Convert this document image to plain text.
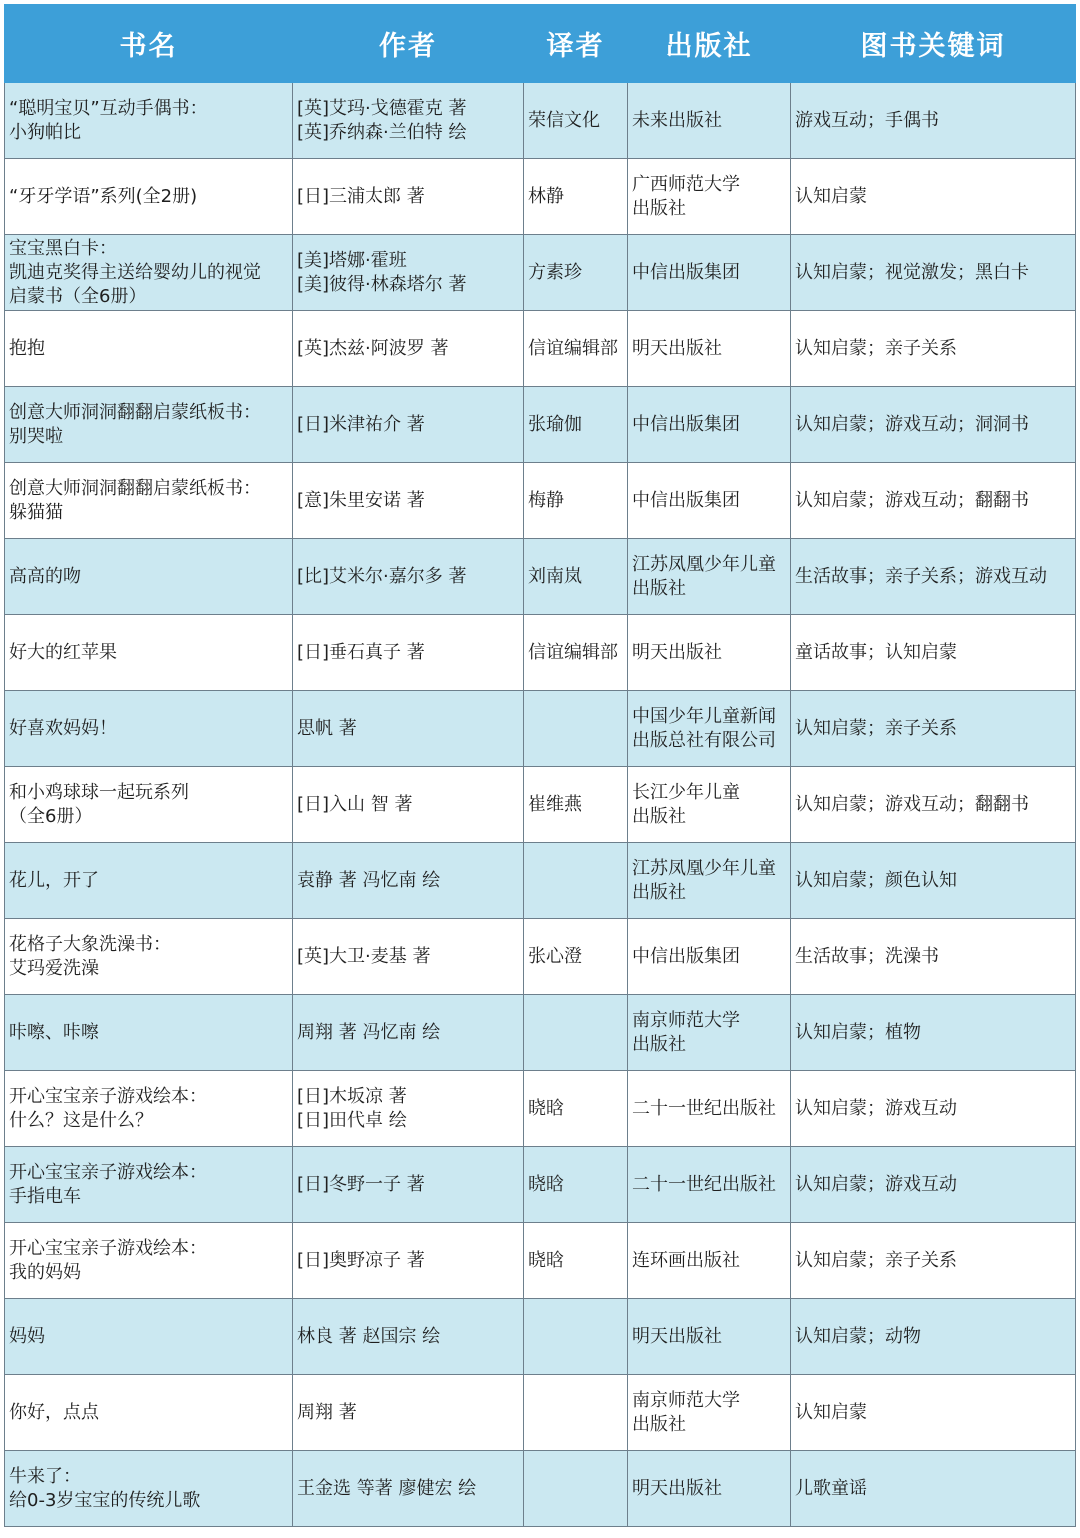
书名	作者	译者	出版社	图书关键词

“聪明宝贝”互动手偶书：
小狗帕比	[英]艾玛·戈德霍克 著
[英]乔纳森·兰伯特 绘	荣信文化	未来出版社	游戏互动；手偶书

“牙牙学语”系列(全2册)	[日]三浦太郎 著	林静	广西师范大学
出版社	认知启蒙

宝宝黑白卡：
凯迪克奖得主送给婴幼儿的视觉
启蒙书（全6册）	[美]塔娜·霍班
[美]彼得·林森塔尔 著	方素珍	中信出版集团	认知启蒙；视觉激发；黑白卡

抱抱	[英]杰兹·阿波罗 著	信谊编辑部	明天出版社	认知启蒙；亲子关系

创意大师洞洞翻翻启蒙纸板书：
别哭啦	[日]米津祐介 著	张瑜伽	中信出版集团	认知启蒙；游戏互动；洞洞书

创意大师洞洞翻翻启蒙纸板书：
躲猫猫	[意]朱里安诺 著	梅静	中信出版集团	认知启蒙；游戏互动；翻翻书

高高的吻	[比]艾米尔·嘉尔多 著	刘南岚	江苏凤凰少年儿童
出版社	生活故事；亲子关系；游戏互动

好大的红苹果	[日]垂石真子 著	信谊编辑部	明天出版社	童话故事；认知启蒙

好喜欢妈妈！	思帆 著		中国少年儿童新闻
出版总社有限公司	认知启蒙；亲子关系

和小鸡球球一起玩系列
（全6册）	[日]入山 智 著	崔维燕	长江少年儿童
出版社	认知启蒙；游戏互动；翻翻书

花儿，开了	袁静 著 冯忆南 绘		江苏凤凰少年儿童
出版社	认知启蒙；颜色认知

花格子大象洗澡书：
艾玛爱洗澡	[英]大卫·麦基 著	张心澄	中信出版集团	生活故事；洗澡书

咔嚓、咔嚓	周翔 著 冯忆南 绘		南京师范大学
出版社	认知启蒙；植物

开心宝宝亲子游戏绘本：
什么？这是什么？	[日]木坂凉 著
[日]田代卓 绘	晓晗	二十一世纪出版社	认知启蒙；游戏互动

开心宝宝亲子游戏绘本：
手指电车	[日]冬野一子 著	晓晗	二十一世纪出版社	认知启蒙；游戏互动

开心宝宝亲子游戏绘本：
我的妈妈	[日]奥野凉子 著	晓晗	连环画出版社	认知启蒙；亲子关系

妈妈	林良 著 赵国宗 绘		明天出版社	认知启蒙；动物

你好，点点	周翔 著		南京师范大学
出版社	认知启蒙

牛来了：
给0-3岁宝宝的传统儿歌	王金选 等著 廖健宏 绘		明天出版社	儿歌童谣
